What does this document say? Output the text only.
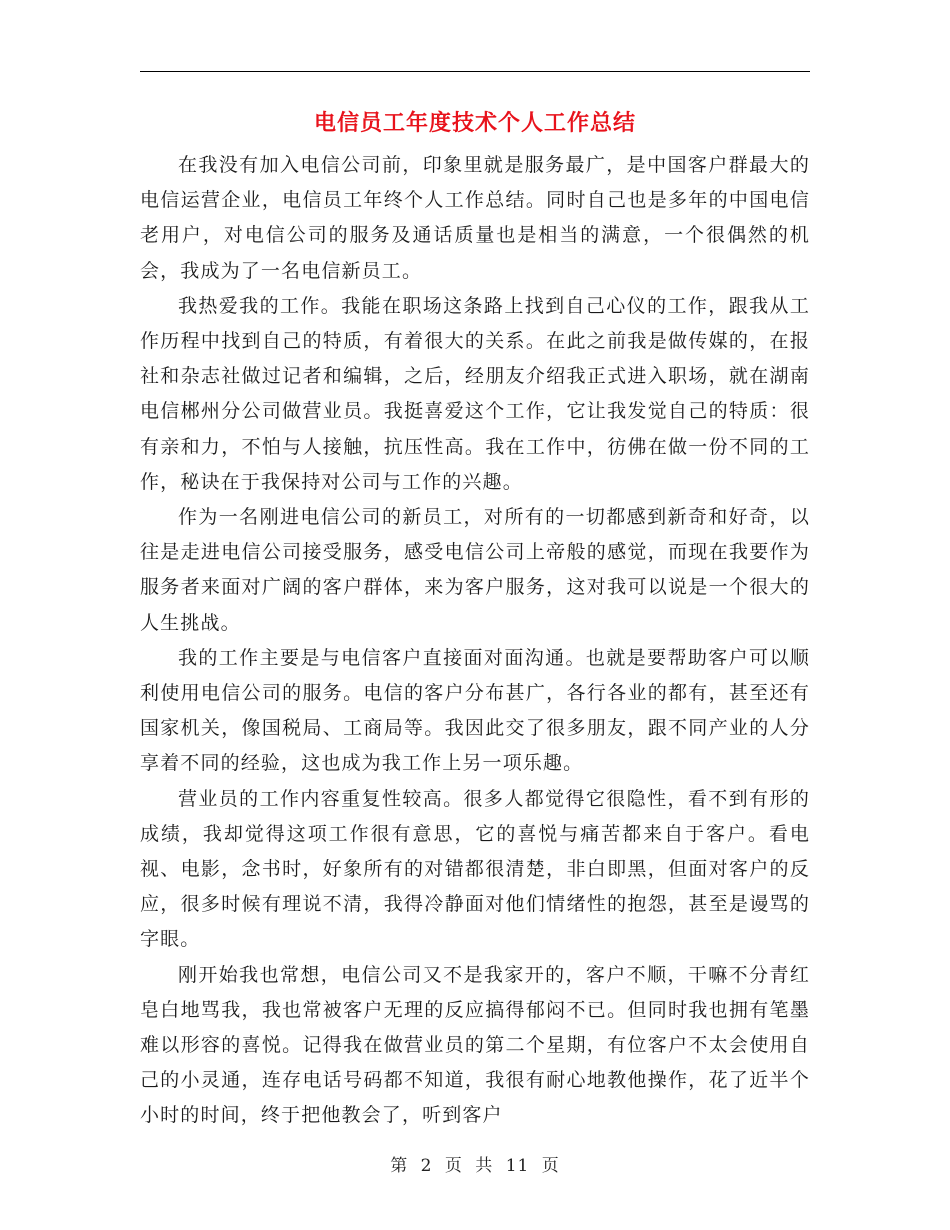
电信员工年度技术个人工作总结

在我没有加入电信公司前，印象里就是服务最广，是中国客户群最大的电信运营企业，电信员工年终个人工作总结。同时自己也是多年的中国电信老用户，对电信公司的服务及通话质量也是相当的满意，一个很偶然的机会，我成为了一名电信新员工。

我热爱我的工作。我能在职场这条路上找到自己心仪的工作，跟我从工作历程中找到自己的特质，有着很大的关系。在此之前我是做传媒的，在报社和杂志社做过记者和编辑，之后，经朋友介绍我正式进入职场，就在湖南电信郴州分公司做营业员。我挺喜爱这个工作，它让我发觉自己的特质：很有亲和力，不怕与人接触，抗压性高。我在工作中，彷佛在做一份不同的工作，秘诀在于我保持对公司与工作的兴趣。

作为一名刚进电信公司的新员工，对所有的一切都感到新奇和好奇，以往是走进电信公司接受服务，感受电信公司上帝般的感觉，而现在我要作为服务者来面对广阔的客户群体，来为客户服务，这对我可以说是一个很大的人生挑战。

我的工作主要是与电信客户直接面对面沟通。也就是要帮助客户可以顺利使用电信公司的服务。电信的客户分布甚广，各行各业的都有，甚至还有国家机关，像国税局、工商局等。我因此交了很多朋友，跟不同产业的人分享着不同的经验，这也成为我工作上另一项乐趣。

营业员的工作内容重复性较高。很多人都觉得它很隐性，看不到有形的成绩，我却觉得这项工作很有意思，它的喜悦与痛苦都来自于客户。看电视、电影，念书时，好象所有的对错都很清楚，非白即黑，但面对客户的反应，很多时候有理说不清，我得冷静面对他们情绪性的抱怨，甚至是谩骂的字眼。

刚开始我也常想，电信公司又不是我家开的，客户不顺，干嘛不分青红皂白地骂我，我也常被客户无理的反应搞得郁闷不已。但同时我也拥有笔墨难以形容的喜悦。记得我在做营业员的第二个星期，有位客户不太会使用自己的小灵通，连存电话号码都不知道，我很有耐心地教他操作，花了近半个小时的时间，终于把他教会了，听到客户

第 2 页 共 11 页
